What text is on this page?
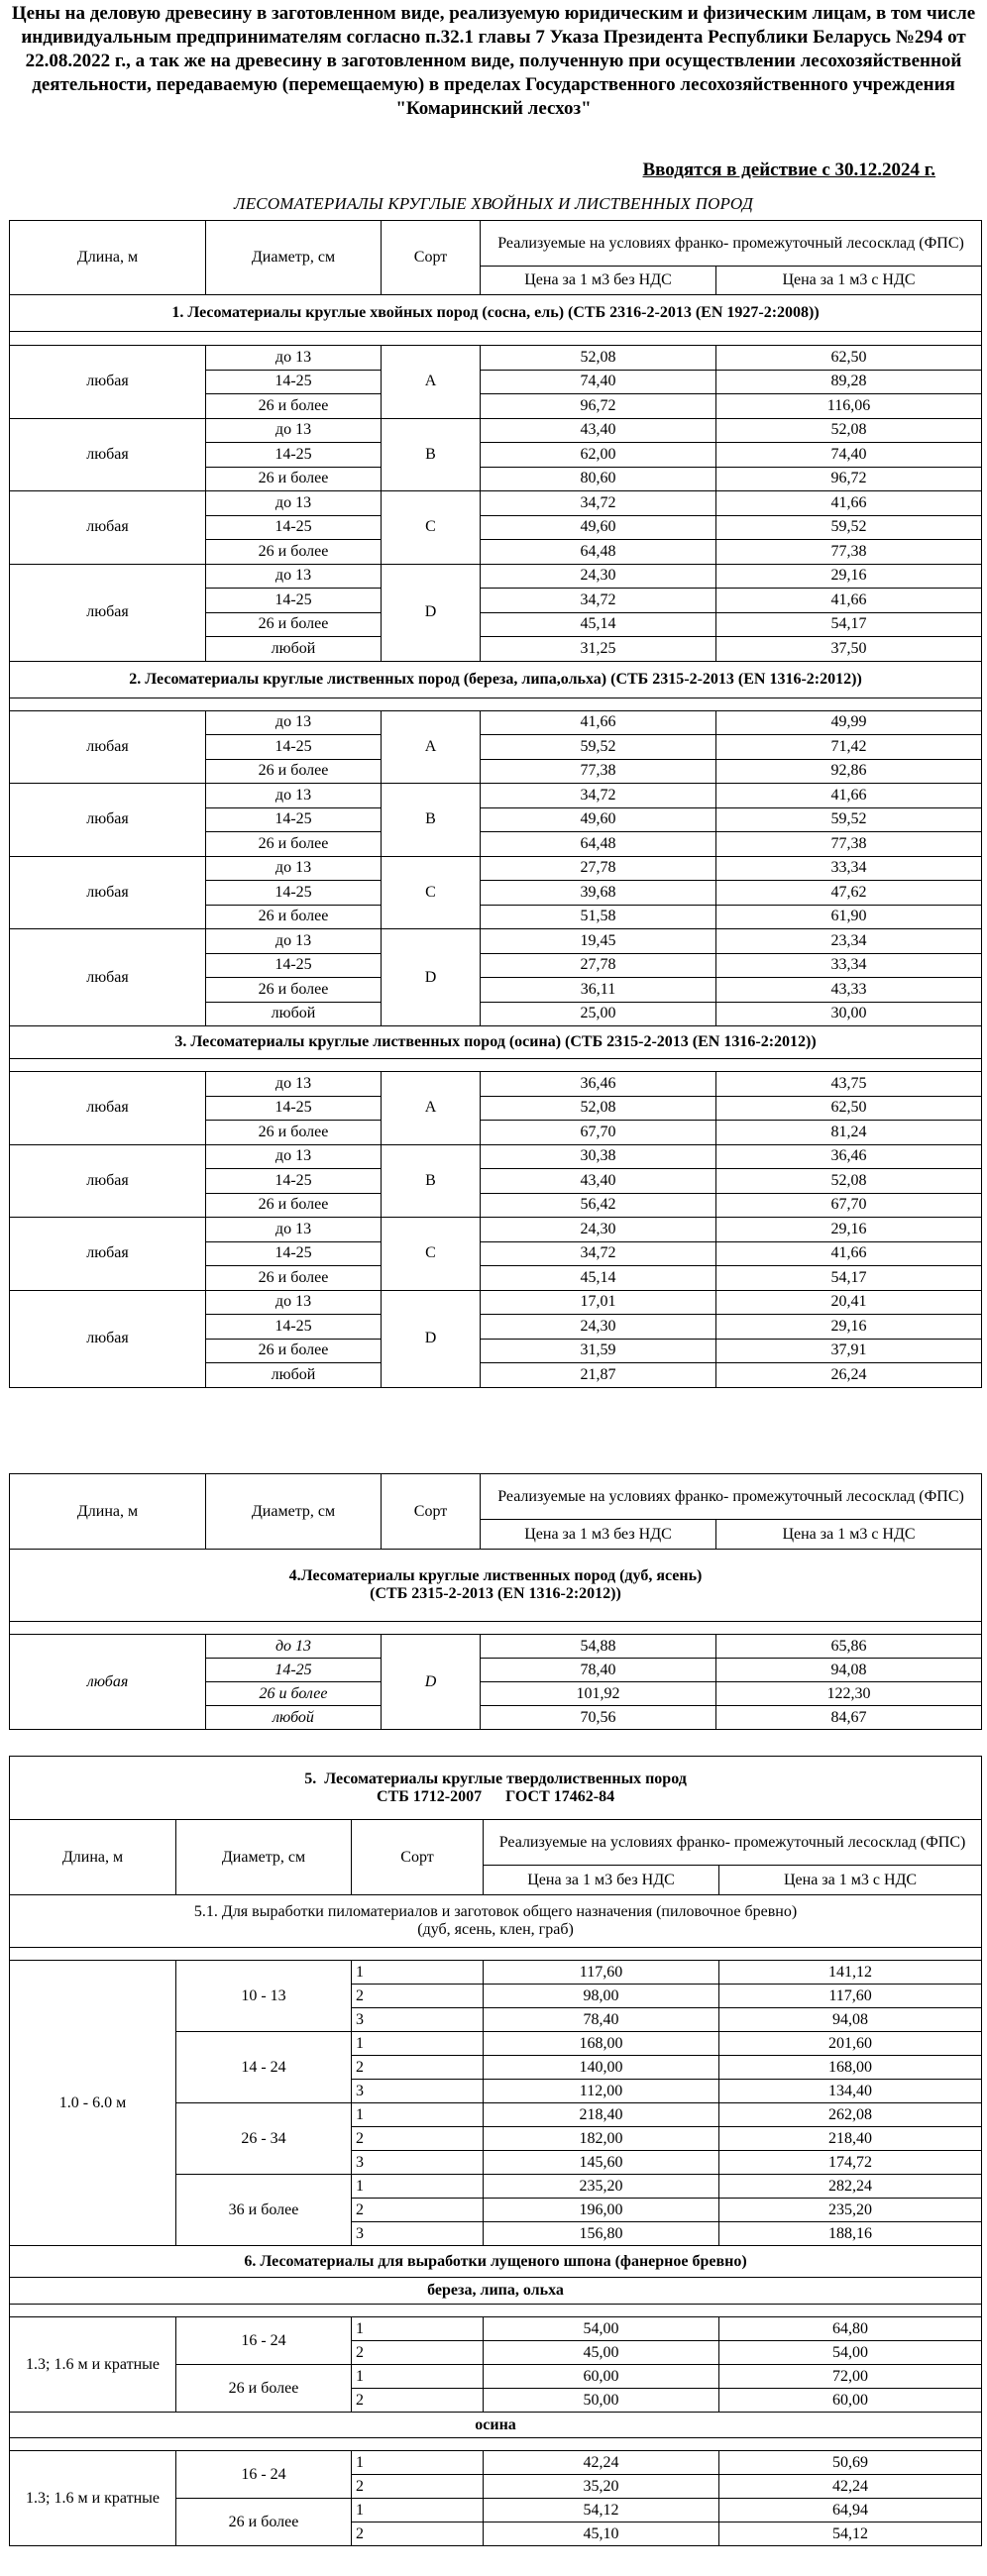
Цены на деловую древесину в заготовленном виде, реализуемую юридическим и физическим лицам, в том числе индивидуальным предпринимателям согласно п.32.1 главы 7 Указа Президента Республики Беларусь №294 от 22.08.2022 г., а так же на древесину в заготовленном виде, полученную при осуществлении лесохозяйственной деятельности, передаваемую (перемещаемую) в пределах Государственного лесохозяйственного учреждения "Комаринский лесхоз"
Вводятся в действие с 30.12.2024 г.
ЛЕСОМАТЕРИАЛЫ КРУГЛЫЕ ХВОЙНЫХ И ЛИСТВЕННЫХ ПОРОД
Длина, м	Диаметр, см	Сорт	Реализуемые на условиях франко- промежуточный лесосклад (ФПС)	
			Цена за 1 м3 без НДС	Цена за 1 м3 с НДС
1. Лесоматериалы круглые хвойных пород (сосна, ель) (СТБ 2316-2-2013 (EN 1927-2:2008))				

любая	до 13	A	52,08	62,50
	14-25		74,40	89,28
	26 и более		96,72	116,06
любая	до 13	B	43,40	52,08
	14-25		62,00	74,40
	26 и более		80,60	96,72
любая	до 13	C	34,72	41,66
	14-25		49,60	59,52
	26 и более		64,48	77,38
любая	до 13	D	24,30	29,16
	14-25		34,72	41,66
	26 и более		45,14	54,17
	любой		31,25	37,50
2. Лесоматериалы круглые лиственных пород (береза, липа,ольха) (СТБ 2315-2-2013 (EN 1316-2:2012))				

любая	до 13	A	41,66	49,99
	14-25		59,52	71,42
	26 и более		77,38	92,86
любая	до 13	B	34,72	41,66
	14-25		49,60	59,52
	26 и более		64,48	77,38
любая	до 13	C	27,78	33,34
	14-25		39,68	47,62
	26 и более		51,58	61,90
любая	до 13	D	19,45	23,34
	14-25		27,78	33,34
	26 и более		36,11	43,33
	любой		25,00	30,00
3. Лесоматериалы круглые лиственных пород (осина) (СТБ 2315-2-2013 (EN 1316-2:2012))				

любая	до 13	A	36,46	43,75
	14-25		52,08	62,50
	26 и более		67,70	81,24
любая	до 13	B	30,38	36,46
	14-25		43,40	52,08
	26 и более		56,42	67,70
любая	до 13	C	24,30	29,16
	14-25		34,72	41,66
	26 и более		45,14	54,17
любая	до 13	D	17,01	20,41
	14-25		24,30	29,16
	26 и более		31,59	37,91
	любой		21,87	26,24
Длина, м	Диаметр, см	Сорт	Реализуемые на условиях франко- промежуточный лесосклад (ФПС)	
			Цена за 1 м3 без НДС	Цена за 1 м3 с НДС

4.Лесоматериалы круглые лиственных пород (дуб, ясень)
(СТБ 2315-2-2013 (EN 1316-2:2012))				

любая	до 13	D	54,88	65,86
	14-25		78,40	94,08
	26 и более		101,92	122,30
	любой		70,56	84,67
5.  Лесоматериалы круглые твердолиственных пород
СТБ 1712-2007      ГОСТ 17462-84				

Длина, м	Диаметр, см	Сорт	Реализуемые на условиях франко- промежуточный лесосклад (ФПС)	
			Цена за 1 м3 без НДС	Цена за 1 м3 с НДС

5.1. Для выработки пиломатериалов и заготовок общего назначения (пиловочное бревно)
(дуб, ясень, клен, граб)				

1.0 - 6.0 м	10 - 13	1	117,60	141,12
		2	98,00	117,60
		3	78,40	94,08
	14 - 24	1	168,00	201,60
		2	140,00	168,00
		3	112,00	134,40
	26 - 34	1	218,40	262,08
		2	182,00	218,40
		3	145,60	174,72
	36 и более	1	235,20	282,24
		2	196,00	235,20
		3	156,80	188,16
6. Лесоматериалы для выработки лущеного шпона (фанерное бревно)				
береза, липа, ольха				

1.3; 1.6 м и кратные	16 - 24	1	54,00	64,80
		2	45,00	54,00
	26 и более	1	60,00	72,00
		2	50,00	60,00
осина				

1.3; 1.6 м и кратные	16 - 24	1	42,24	50,69
		2	35,20	42,24
	26 и более	1	54,12	64,94
		2	45,10	54,12
